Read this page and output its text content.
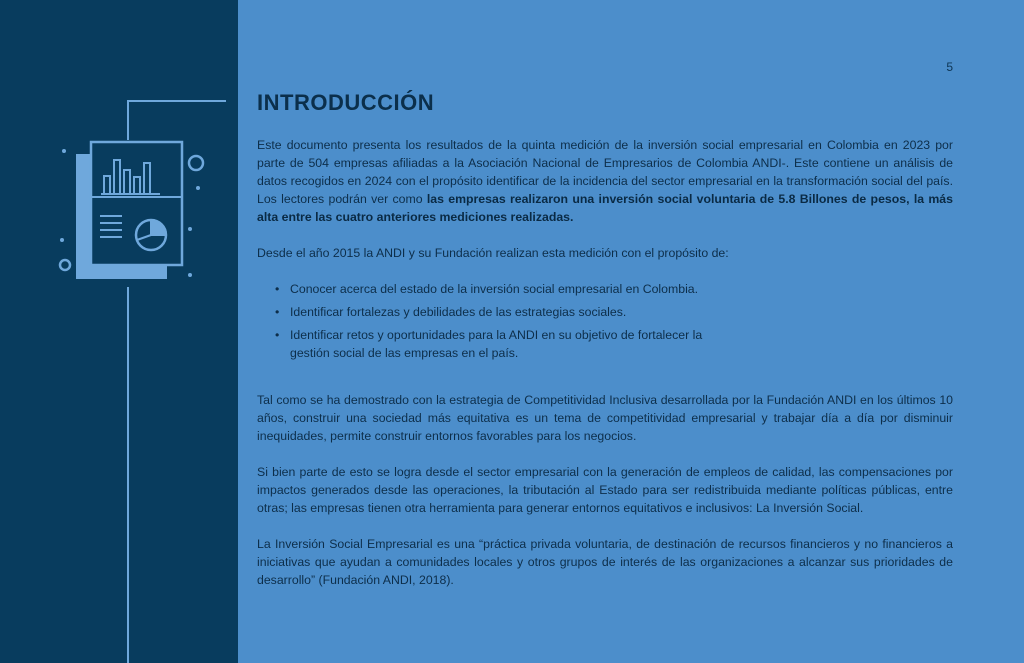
5
INTRODUCCIÓN

Este documento presenta los resultados de la quinta medición de la inversión social empresarial en Colombia en 2023 por parte de 504 empresas afiliadas a la Asociación Nacional de Empresarios de Colombia ANDI-. Este contiene un análisis de datos recogidos en 2024 con el propósito identificar de la incidencia del sector empresarial en la transformación social del país. Los lectores podrán ver como las empresas realizaron una inversión social voluntaria de 5.8 Billones de pesos, la más alta entre las cuatro anteriores mediciones realizadas.

Desde el año 2015 la ANDI y su Fundación realizan esta medición con el propósito de:

• Conocer acerca del estado de la inversión social empresarial en Colombia.
• Identificar fortalezas y debilidades de las estrategias sociales.
• Identificar retos y oportunidades para la ANDI en su objetivo de fortalecer la gestión social de las empresas en el país.

Tal como se ha demostrado con la estrategia de Competitividad Inclusiva desarrollada por la Fundación ANDI en los últimos 10 años, construir una sociedad más equitativa es un tema de competitividad empresarial y trabajar día a día por disminuir inequidades, permite construir entornos favorables para los negocios.

Si bien parte de esto se logra desde el sector empresarial con la generación de empleos de calidad, las compensaciones por impactos generados desde las operaciones, la tributación al Estado para ser redistribuida mediante políticas públicas, entre otras; las empresas tienen otra herramienta para generar entornos equitativos e inclusivos: La Inversión Social.

La Inversión Social Empresarial es una “práctica privada voluntaria, de destinación de recursos financieros y no financieros a iniciativas que ayudan a comunidades locales y otros grupos de interés de las organizaciones a alcanzar sus prioridades de desarrollo” (Fundación ANDI, 2018).
